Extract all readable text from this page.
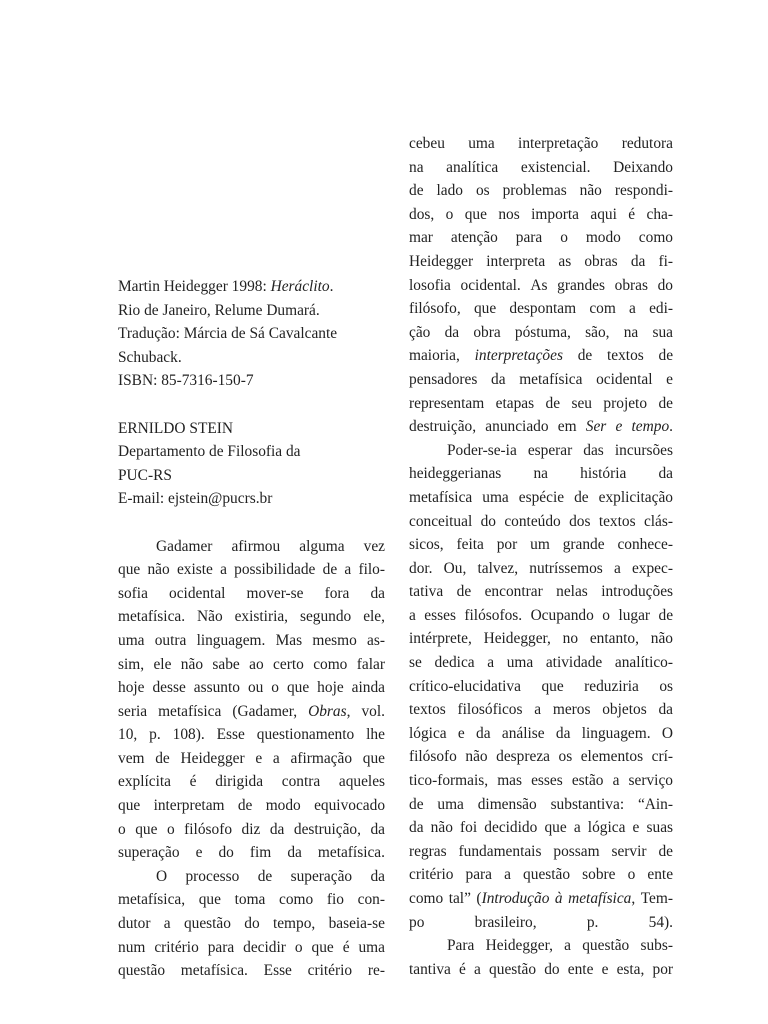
Martin Heidegger 1998: Heráclito.
Rio de Janeiro, Relume Dumará.
Tradução: Márcia de Sá Cavalcante
Schuback.
ISBN: 85-7316-150-7
ERNILDO STEIN
Departamento de Filosofia da
PUC-RS
E-mail: ejstein@pucrs.br
Gadamer afirmou alguma vez
que não existe a possibilidade de a filo-
sofia ocidental mover-se fora da
metafísica. Não existiria, segundo ele,
uma outra linguagem. Mas mesmo as-
sim, ele não sabe ao certo como falar
hoje desse assunto ou o que hoje ainda
seria metafísica (Gadamer, Obras , vol.
10, p. 108). Esse questionamento lhe
vem de Heidegger e a afirmação que
explícita é dirigida contra aqueles
que interpretam de modo equivocado
o que o filósofo diz da destruição, da
superação e do fim da metafísica.
O processo de superação da
metafísica, que toma como fio con-
dutor a questão do tempo, baseia-se
num critério para decidir o que é uma
questão metafísica. Esse critério re-
cebeu uma interpretação redutora
na analítica existencial. Deixando
de lado os problemas não respondi-
dos, o que nos importa aqui é cha-
mar atenção para o modo como
Heidegger interpreta as obras da fi-
losofia ocidental. As grandes obras do
filósofo, que despontam com a edi-
ção da obra póstuma, são, na sua
maioria, interpretações de textos de
pensadores da metafísica ocidental e
representam etapas de seu projeto de
destruição, anunciado em Ser e tempo.
Poder-se-ia esperar das incursões
heideggerianas na história da
metafísica uma espécie de explicitação
conceitual do conteúdo dos textos clás-
sicos, feita por um grande conhece-
dor. Ou, talvez, nutríssemos a expec-
tativa de encontrar nelas introduções
a esses filósofos. Ocupando o lugar de
intérprete, Heidegger, no entanto, não
se dedica a uma atividade analítico-
crítico-elucidativa que reduziria os
textos filosóficos a meros objetos da
lógica e da análise da linguagem. O
filósofo não despreza os elementos crí-
tico-formais, mas esses estão a serviço
de uma dimensão substantiva: “Ain-
da não foi decidido que a lógica e suas
regras fundamentais possam servir de
critério para a questão sobre o ente
como tal” ( Introdução à metafísica , Tem-
po brasileiro, p. 54).
Para Heidegger, a questão subs-
tantiva é a questão do ente e esta, por
